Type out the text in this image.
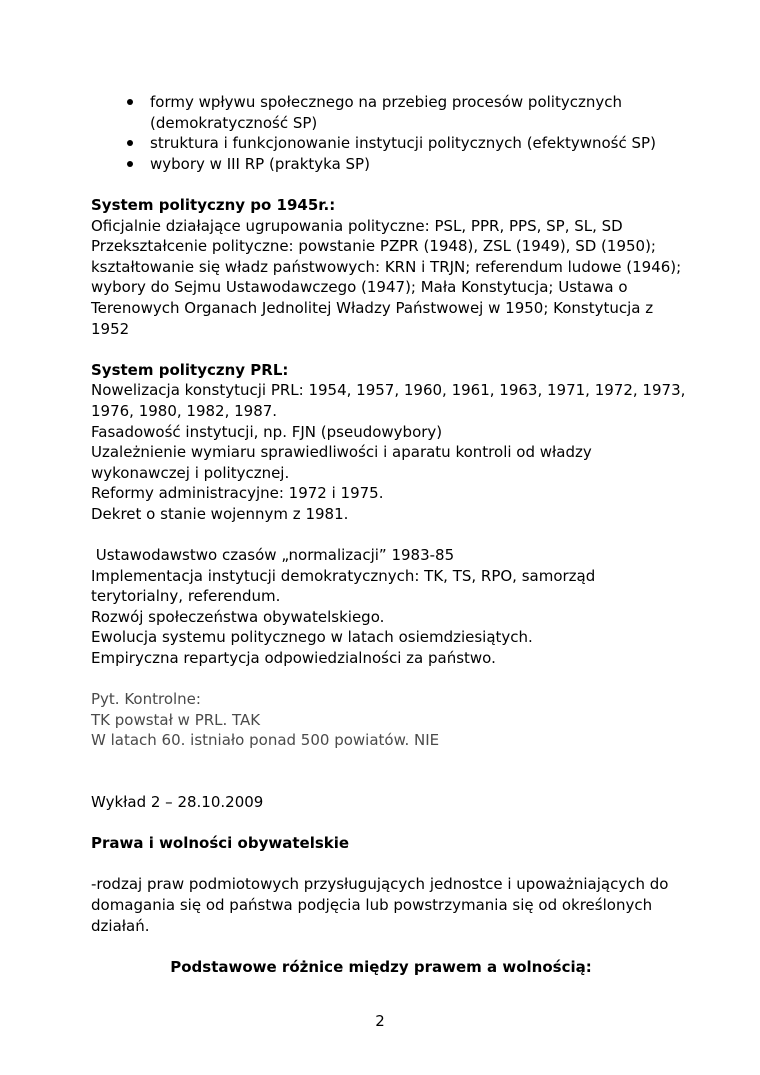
formy wpływu społecznego na przebieg procesów politycznych (demokratyczność SP)
struktura i funkcjonowanie instytucji politycznych (efektywność SP)
wybory w III RP (praktyka SP)

System polityczny po 1945r.:

Oficjalnie działające ugrupowania polityczne: PSL, PPR, PPS, SP, SL, SD

Przekształcenie polityczne: powstanie PZPR (1948), ZSL (1949), SD (1950); kształtowanie się władz państwowych: KRN i TRJN; referendum ludowe (1946); wybory do Sejmu Ustawodawczego (1947); Mała Konstytucja; Ustawa o Terenowych Organach Jednolitej Władzy Państwowej w 1950; Konstytucja z 1952

System polityczny PRL:

Nowelizacja konstytucji PRL: 1954, 1957, 1960, 1961, 1963, 1971, 1972, 1973, 1976, 1980, 1982, 1987.

Fasadowość instytucji, np. FJN (pseudowybory)

Uzależnienie wymiaru sprawiedliwości i aparatu kontroli od władzy wykonawczej i politycznej.

Reformy administracyjne: 1972 i 1975.

Dekret o stanie wojennym z 1981.

Ustawodawstwo czasów „normalizacji” 1983-85

Implementacja instytucji demokratycznych: TK, TS, RPO, samorząd terytorialny, referendum.

Rozwój społeczeństwa obywatelskiego.

Ewolucja systemu politycznego w latach osiemdziesiątych.

Empiryczna repartycja odpowiedzialności za państwo.

Pyt. Kontrolne:

TK powstał w PRL. TAK

W latach 60. istniało ponad 500 powiatów. NIE

Wykład 2 – 28.10.2009

Prawa i wolności obywatelskie

-rodzaj praw podmiotowych przysługujących jednostce i upoważniających do domagania się od państwa podjęcia lub powstrzymania się od określonych działań.

Podstawowe różnice między prawem a wolnością:

2
